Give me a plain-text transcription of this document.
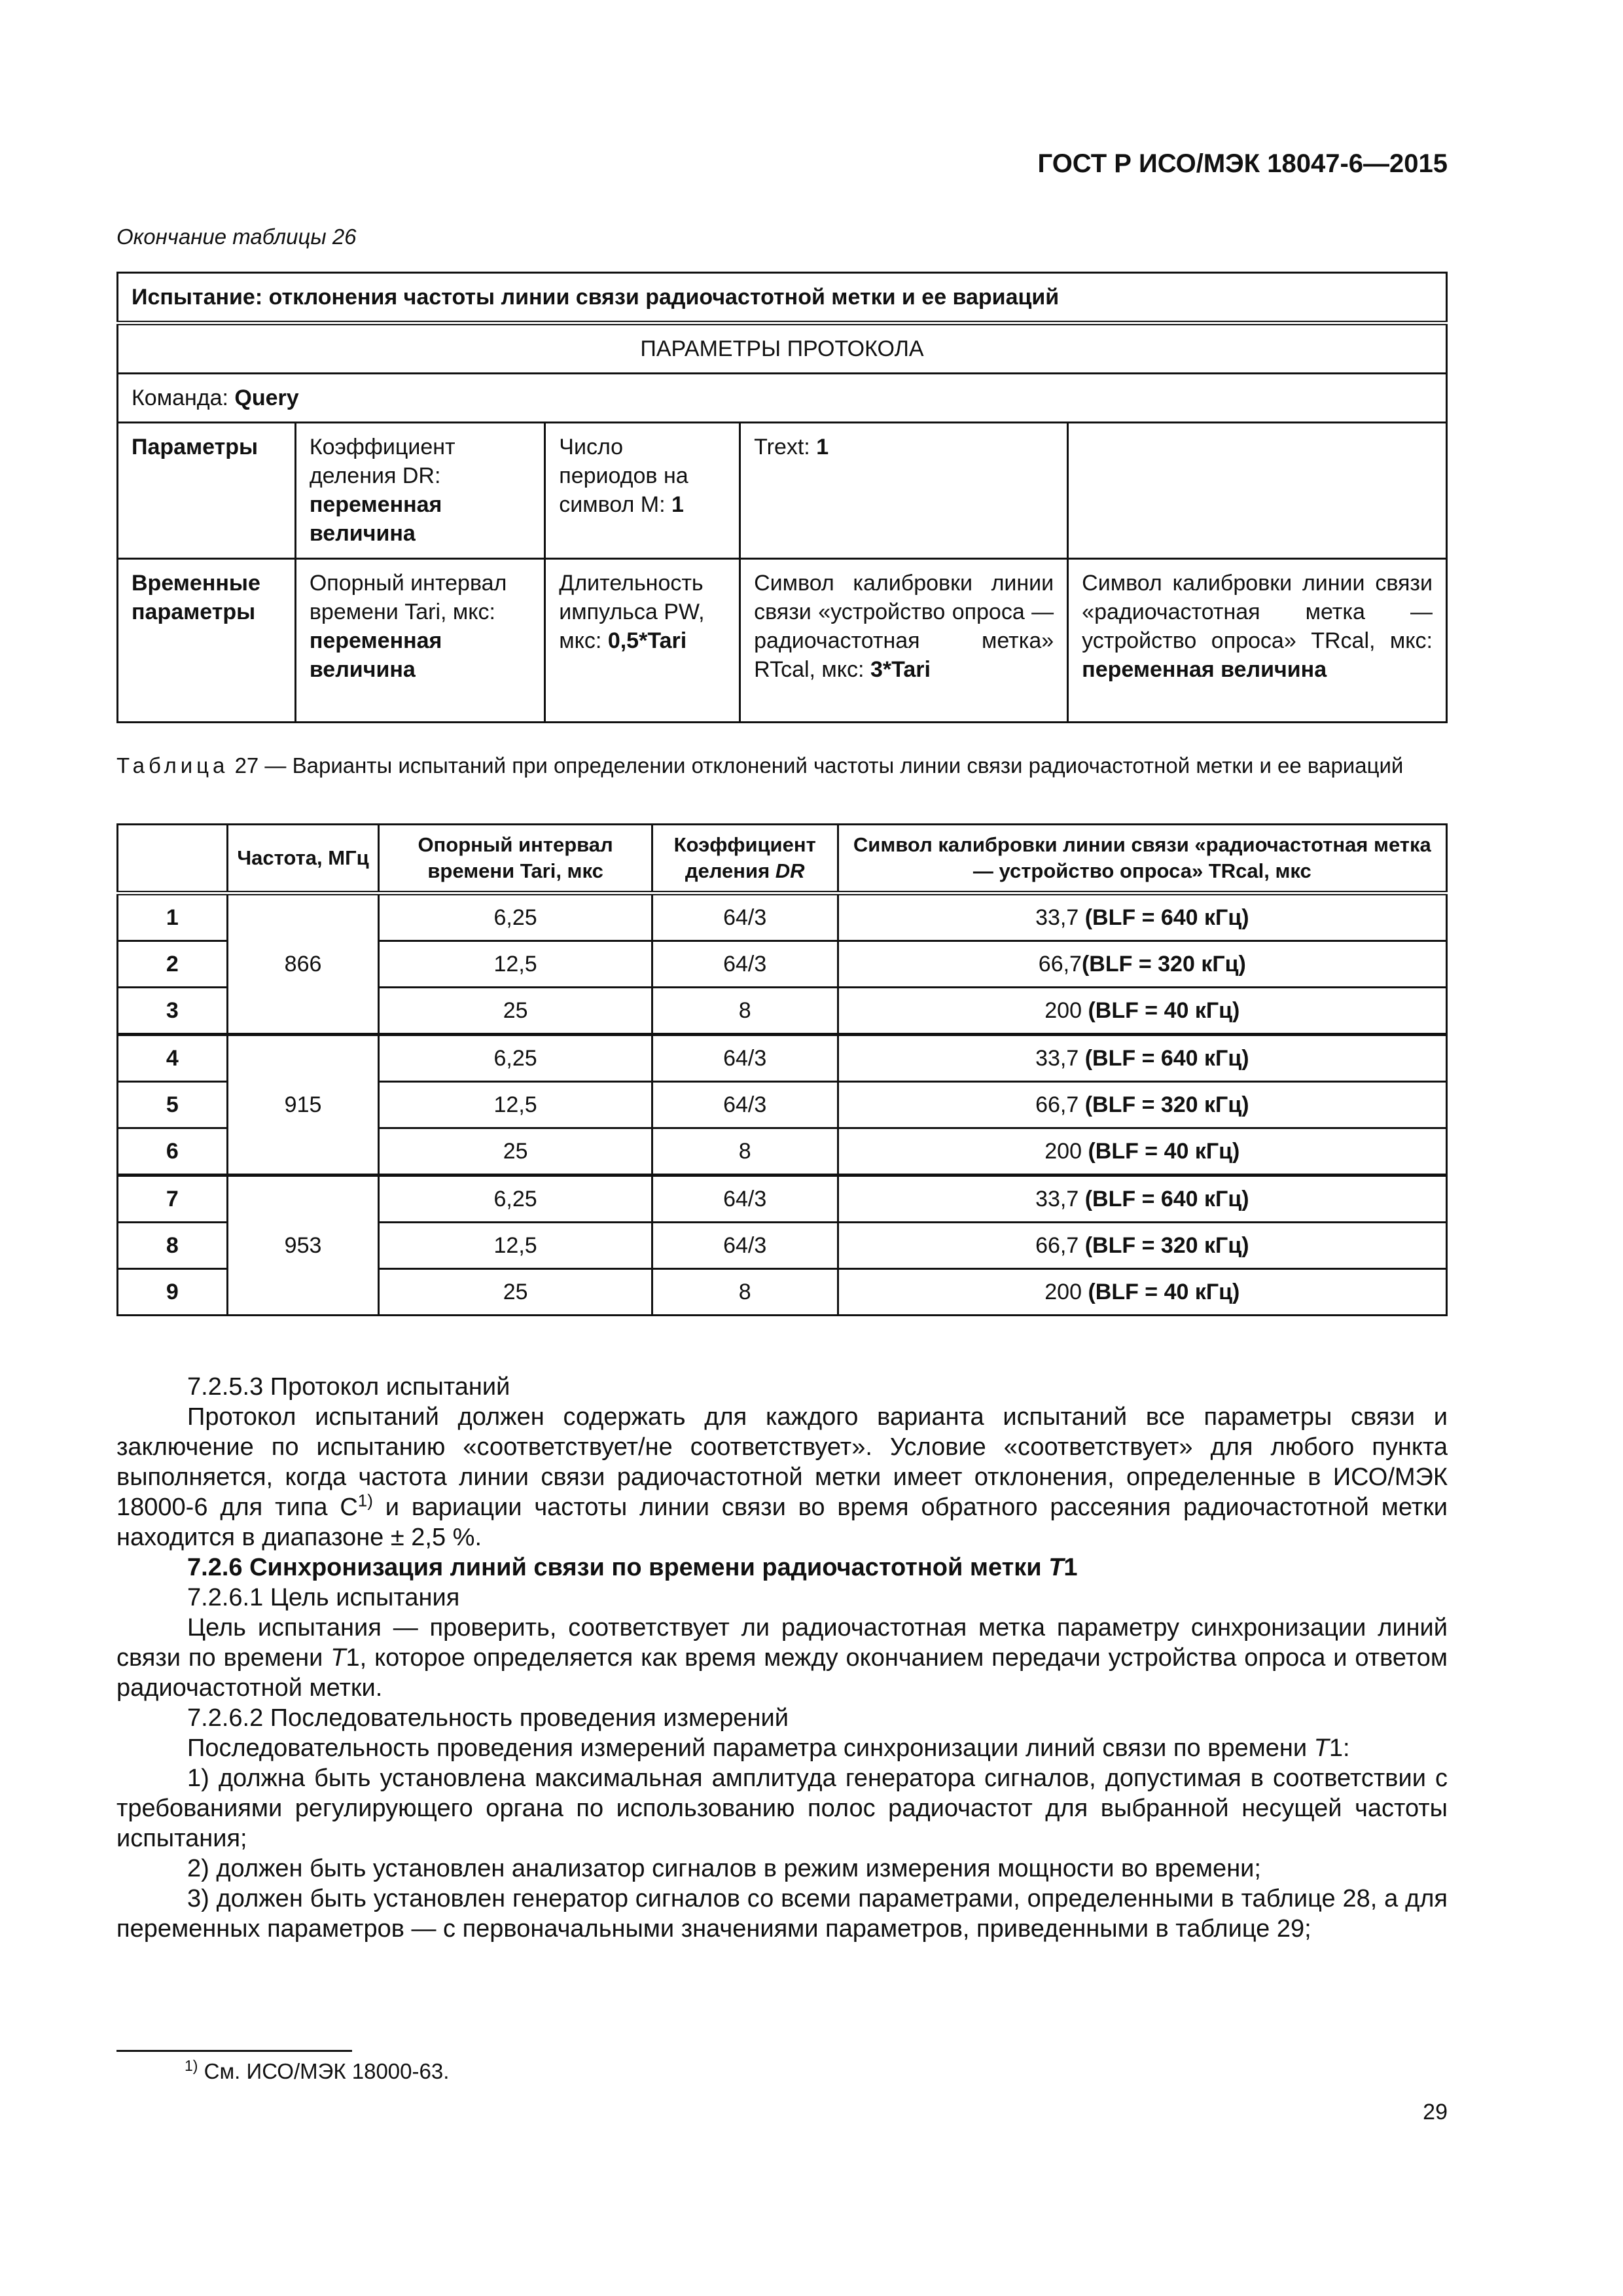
ГОСТ Р ИСО/МЭК 18047-6—2015
Окончание таблицы 26
Испытание: отклонения частоты линии связи радиочастотной метки и ее вариаций				
ПАРАМЕТРЫ ПРОТОКОЛА				
Команда: Query				
Параметры	Коэффициент деления DR: переменная величина	Число периодов на символ М: 1	Trext: 1	
Временные параметры	Опорный интервал времени Tari, мкс: переменная величина	Длительность импульса PW, мкс: 0,5*Tari	Символ калибровки линии связи «устройство опроса — радиочастотная метка» RTcal, мкс: 3*Tari	Символ калибровки линии связи «радиочастотная метка — устройство опроса» TRcal, мкс: переменная величина
Таблица 27 — Варианты испытаний при определении отклонений частоты линии связи радиочастотной метки и ее вариаций
	Частота, МГц	Опорный интервал времени Tari, мкс	Коэффициент деления DR	Символ калибровки линии связи «радиочастотная метка — устройство опроса» TRcal, мкс
1	866	6,25	64/3	33,7 (BLF = 640 кГц)
2		12,5	64/3	66,7(BLF = 320 кГц)
3		25	8	200 (BLF = 40 кГц)
4	915	6,25	64/3	33,7 (BLF = 640 кГц)
5		12,5	64/3	66,7 (BLF = 320 кГц)
6		25	8	200 (BLF = 40 кГц)
7	953	6,25	64/3	33,7 (BLF = 640 кГц)
8		12,5	64/3	66,7 (BLF = 320 кГц)
9		25	8	200 (BLF = 40 кГц)
7.2.5.3 Протокол испытаний
Протокол испытаний должен содержать для каждого варианта испытаний все параметры связи и заключение по испытанию «соответствует/не соответствует». Условие «соответствует» для любого пункта выполняется, когда частота линии связи радиочастотной метки имеет отклонения, определенные в ИСО/МЭК 18000-6 для типа $С^{1)}$ и вариации частоты линии связи во время обратного рассеяния радиочастотной метки находится в диапазоне ± 2,5 %.
7.2.6 Синхронизация линий связи по времени радиочастотной метки Т1
7.2.6.1 Цель испытания
Цель испытания — проверить, соответствует ли радиочастотная метка параметру синхронизации линий связи по времени Т1, которое определяется как время между окончанием передачи устройства опроса и ответом радиочастотной метки.
7.2.6.2 Последовательность проведения измерений
Последовательность проведения измерений параметра синхронизации линий связи по времени Т1:
1) должна быть установлена максимальная амплитуда генератора сигналов, допустимая в соответствии с требованиями регулирующего органа по использованию полос радиочастот для выбранной несущей частоты испытания;
2) должен быть установлен анализатор сигналов в режим измерения мощности во времени;
3) должен быть установлен генератор сигналов со всеми параметрами, определенными в таблице 28, а для переменных параметров — с первоначальными значениями параметров, приведенными в таблице 29;
$^{1)}$ См. ИСО/МЭК 18000-63.
29
